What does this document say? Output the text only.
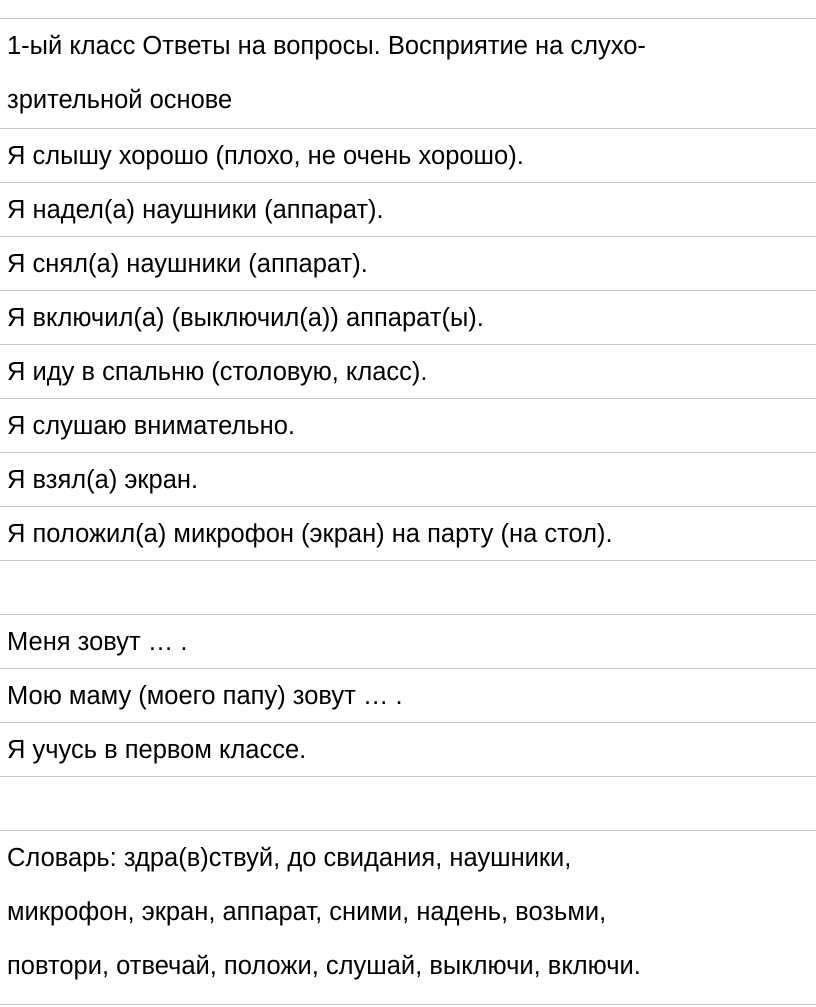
1-ый класс Ответы на вопросы. Восприятие на слухо-
зрительной основе
Я слышу хорошо (плохо, не очень хорошо).
Я надел(а) наушники (аппарат).
Я снял(а) наушники (аппарат).
Я включил(а) (выключил(а)) аппарат(ы).
Я иду в спальню (столовую, класс).
Я слушаю внимательно.
Я взял(а) экран.
Я положил(а) микрофон (экран) на парту (на стол).
Меня зовут … .
Мою маму (моего папу) зовут … .
Я учусь в первом классе.
Словарь: здра(в)ствуй, до свидания, наушники,
микрофон, экран, аппарат, сними, надень, возьми,
повтори, отвечай, положи, слушай, выключи, включи.
